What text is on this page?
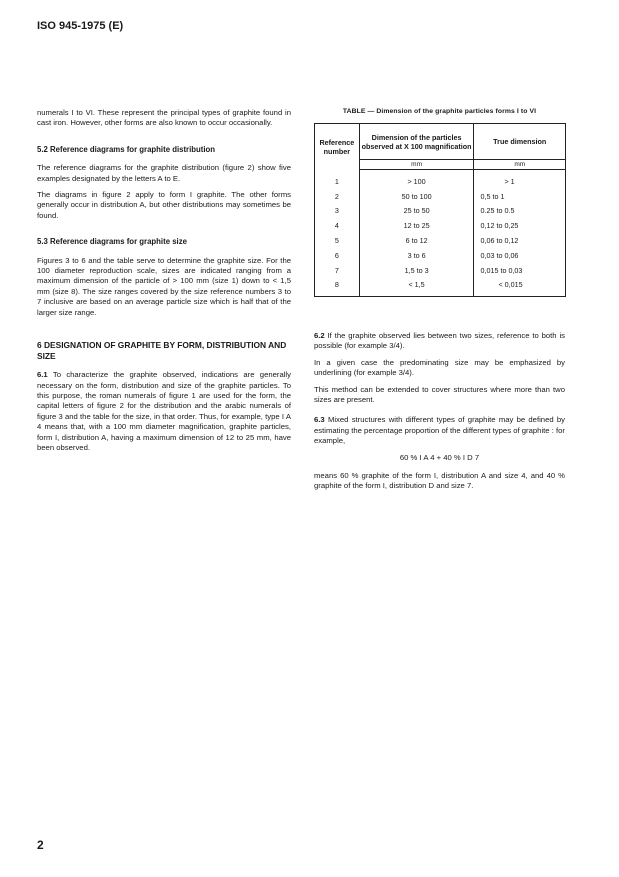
ISO 945-1975 (E)

numerals I to VI. These represent the principal types of graphite found in cast iron. However, other forms are also known to occur occasionally.

5.2 Reference diagrams for graphite distribution

The reference diagrams for the graphite distribution (figure 2) show five examples designated by the letters A to E.

The diagrams in figure 2 apply to form I graphite. The other forms generally occur in distribution A, but other distributions may sometimes be found.

5.3 Reference diagrams for graphite size

Figures 3 to 6 and the table serve to determine the graphite size. For the 100 diameter reproduction scale, sizes are indicated ranging from a maximum dimension of the particle of > 100 mm (size 1) down to < 1,5 mm (size 8). The size ranges covered by the size reference numbers 3 to 7 inclusive are based on an average particle size which is half that of the larger size range.

6 DESIGNATION OF GRAPHITE BY FORM, DISTRIBUTION AND SIZE

6.1 To characterize the graphite observed, indications are generally necessary on the form, distribution and size of the graphite particles. To this purpose, the roman numerals of figure 1 are used for the form, the capital letters of figure 2 for the distribution and the arabic numerals of figure 3 and the table for the size, in that order. Thus, for example, type I A 4 means that, with a 100 mm diameter magnification, graphite particles, form I, distribution A, having a maximum dimension of 12 to 25 mm, have been observed.

TABLE — Dimension of the graphite particles forms I to VI
Reference number	Dimension of the particles observed at X 100 magnification	True dimension
	mm	mm
1	> 100	> 1
2	50 to 100	0,5 to 1
3	25 to 50	0.25 to 0.5
4	12 to 25	0,12 to 0,25
5	6 to 12	0,06 to 0,12
6	3 to 6	0,03 to 0,06
7	1,5 to 3	0,015 to 0,03
8	< 1,5	< 0,015

6.2 If the graphite observed lies between two sizes, reference to both is possible (for example 3/4).

In a given case the predominating size may be emphasized by underlining (for example 3/4).

This method can be extended to cover structures where more than two sizes are present.

6.3 Mixed structures with different types of graphite may be defined by estimating the percentage proportion of the different types of graphite : for example,

60 % I A 4 + 40 % I D 7

means 60 % graphite of the form I, distribution A and size 4, and 40 % graphite of the form I, distribution D and size 7.

2
